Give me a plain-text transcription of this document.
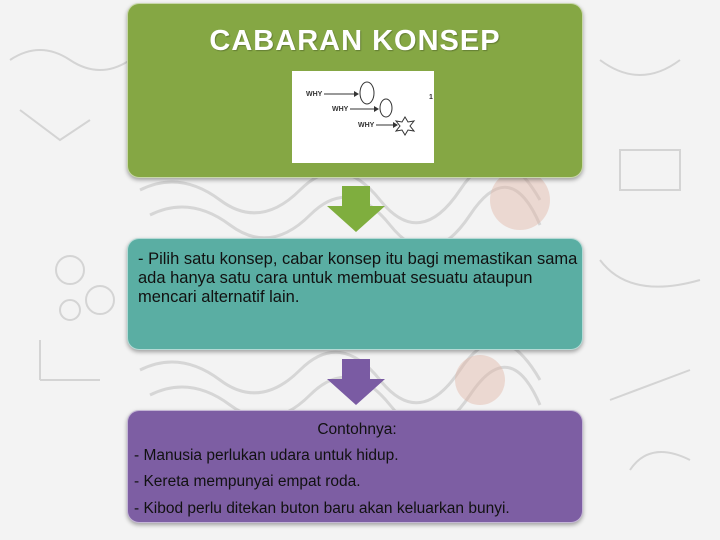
CABARAN KONSEP
WHY
WHY
WHY
1
- Pilih satu konsep, cabar konsep itu bagi memastikan sama ada hanya satu cara untuk membuat sesuatu ataupun mencari alternatif lain.
Contohnya:
- Manusia perlukan udara untuk hidup.
- Kereta mempunyai empat roda.
- Kibod perlu ditekan buton baru akan keluarkan bunyi.
